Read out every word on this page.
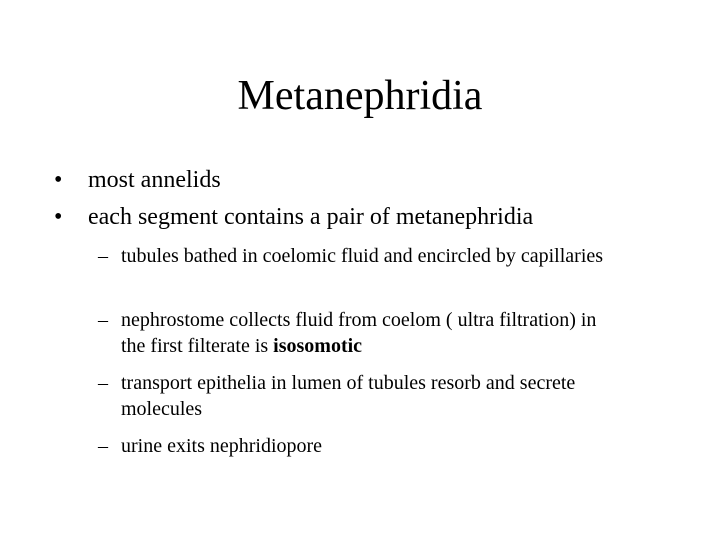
Metanephridia
• most annelids
• each segment contains a pair of metanephridia
– tubules bathed in coelomic fluid and encircled by capillaries
– nephrostome collects fluid from coelom ( ultra filtration) in the first filterate is isosomotic
– transport epithelia in lumen of tubules resorb and secrete molecules
– urine exits nephridiopore
